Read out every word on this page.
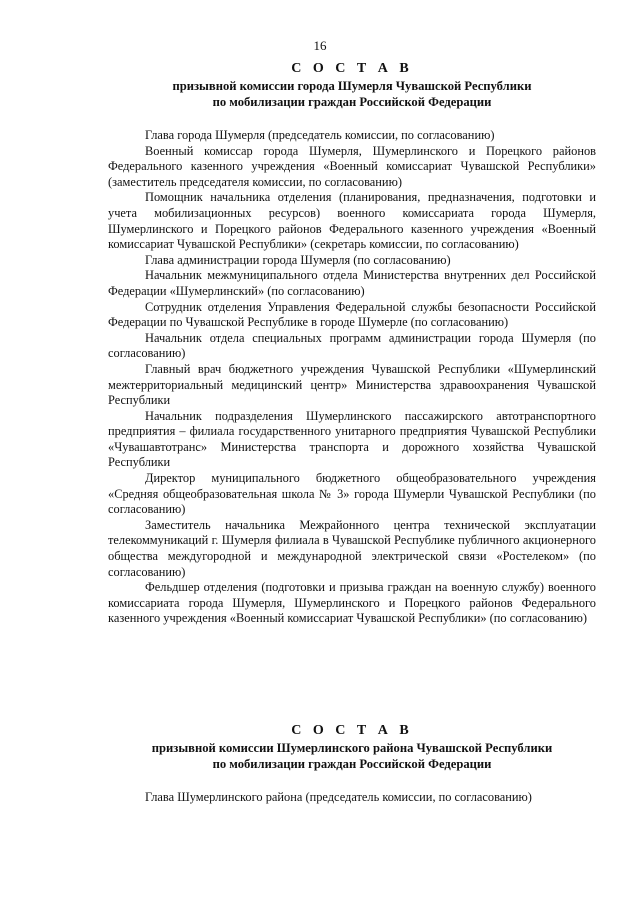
16
С О С Т А В
призывной комиссии города Шумерля Чувашской Республики
по мобилизации граждан Российской Федерации

Глава города Шумерля (председатель комиссии, по согласованию)

Военный комиссар города Шумерля, Шумерлинского и Порецкого районов Федерального казенного учреждения «Военный комиссариат Чувашской Республики» (заместитель председателя комиссии, по согласованию)

Помощник начальника отделения (планирования, предназначения, подготовки и учета мобилизационных ресурсов) военного комиссариата города Шумерля, Шумерлинского и Порецкого районов Федерального казенного учреждения «Военный комиссариат Чувашской Республики» (секретарь комиссии, по согласованию)

Глава администрации города Шумерля (по согласованию)

Начальник межмуниципального отдела Министерства внутренних дел Российской Федерации «Шумерлинский» (по согласованию)

Сотрудник отделения Управления Федеральной службы безопасности Российской Федерации по Чувашской Республике в городе Шумерле (по согласованию)

Начальник отдела специальных программ администрации города Шумерля (по согласованию)

Главный врач бюджетного учреждения Чувашской Республики «Шумерлинский межтерриториальный медицинский центр» Министерства здравоохранения Чувашской Республики

Начальник подразделения Шумерлинского пассажирского автотранспортного предприятия – филиала государственного унитарного предприятия Чувашской Республики «Чувашавтотранс» Министерства транспорта и дорожного хозяйства Чувашской Республики

Директор муниципального бюджетного общеобразовательного учреждения «Средняя общеобразовательная школа № 3» города Шумерли Чувашской Республики (по согласованию)

Заместитель начальника Межрайонного центра технической эксплуатации телекоммуникаций г. Шумерля филиала в Чувашской Республике публичного акционерного общества междугородной и международной электрической связи «Ростелеком» (по согласованию)

Фельдшер отделения (подготовки и призыва граждан на военную службу) военного комиссариата города Шумерля, Шумерлинского и Порецкого районов Федерального казенного учреждения «Военный комиссариат Чувашской Республики» (по согласованию)

С О С Т А В
призывной комиссии Шумерлинского района Чувашской Республики
по мобилизации граждан Российской Федерации

Глава Шумерлинского района (председатель комиссии, по согласованию)
